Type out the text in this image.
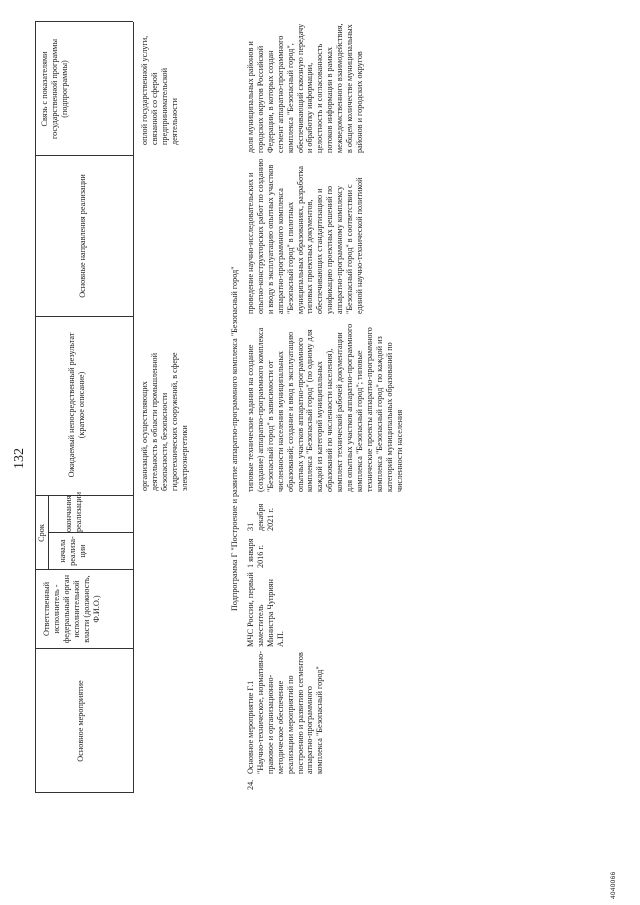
132
Основное мероприятие
Ответственный исполнитель - федеральный орган исполнительной власти (должность, Ф.И.О.)
Срок
начала реализа- ции
окончания реализации
Ожидаемый непосредственный результат (краткое описание)
Основные направления реализации
Связь с показателями государственной программы (подпрограммы)
организаций, осуществляющих деятельность в области промышленной безопасности, безопасности гидротехнических сооружений, в сфере электроэнергетики
оплой государственной услуги, связанной со сферой предпринимательской деятельности
Подпрограмма Г "Построение и развитие аппаратно-программного комплекса "Безопасный город"
24.
Основное мероприятие Г.1 "Научно-техническое, нормативно-правовое и организационно-методическое обеспечение реализации мероприятий по построению и развитию сегментов аппаратно-программного комплекса "Безопасный город"
МЧС России, первый заместитель Министра Чуприян А.П.
1 января 2016 г.
31 декабря 2021 г.
типовые технические задания на создание (создание) аппаратно-программного комплекса "Безопасный город" в зависимости от численности населения муниципальных образований; создание и ввод в эксплуатацию опытных участков аппаратно-программного комплекса "Безопасный город" (по одному для каждой из категорий муниципальных образований по численности населения), комплект технической рабочей документации для опытных участков аппаратно-программного комплекса "Безопасный город"; типовые технические проекты аппаратно-программного комплекса "Безопасный город" по каждой из категорий муниципальных образований по численности населения
проведение научно-исследовательских и опытно-конструкторских работ по созданию и вводу в эксплуатацию опытных участков аппаратно-программного комплекса "Безопасный город" в пилотных муниципальных образованиях, разработка типовых проектных документов, обеспечивающих стандартизацию и унификацию проектных решений по аппаратно-программному комплексу "Безопасный город" в соответствии с единой научно-технической политикой
доля муниципальных районов и городских округов Российской Федерации, в которых создан сегмент аппаратно-программного комплекса "Безопасный город", обеспечивающий сквозную передачу и обработку информации, целостность и согласованность потоков информации в рамках межведомственного взаимодействия, в общем количестве муниципальных районов и городских округов
4040066
